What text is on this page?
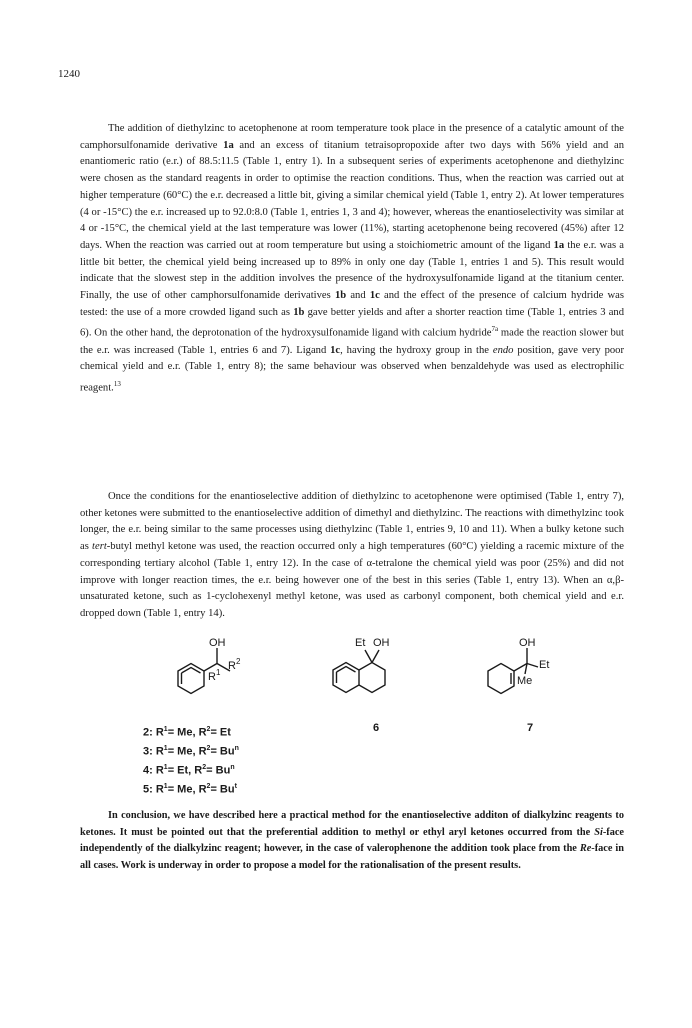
1240

The addition of diethylzinc to acetophenone at room temperature took place in the presence of a catalytic amount of the camphorsulfonamide derivative 1a and an excess of titanium tetraisopropoxide after two days with 56% yield and an enantiomeric ratio (e.r.) of 88.5:11.5 (Table 1, entry 1). In a subsequent series of experiments acetophenone and diethylzinc were chosen as the standard reagents in order to optimise the reaction conditions. Thus, when the reaction was carried out at higher temperature (60°C) the e.r. decreased a little bit, giving a similar chemical yield (Table 1, entry 2). At lower temperatures (4 or -15°C) the e.r. increased up to 92.0:8.0 (Table 1, entries 1, 3 and 4); however, whereas the enantioselectivity was similar at 4 or -15°C, the chemical yield at the last temperature was lower (11%), starting acetophenone being recovered (45%) after 12 days. When the reaction was carried out at room temperature but using a stoichiometric amount of the ligand 1a the e.r. was a little bit better, the chemical yield being increased up to 89% in only one day (Table 1, entries 1 and 5). This result would indicate that the slowest step in the addition involves the presence of the hydroxysulfonamide ligand at the titanium center. Finally, the use of other camphorsulfonamide derivatives 1b and 1c and the effect of the presence of calcium hydride was tested: the use of a more crowded ligand such as 1b gave better yields and after a shorter reaction time (Table 1, entries 3 and 6). On the other hand, the deprotonation of the hydroxysulfonamide ligand with calcium hydride$^{7a}$ made the reaction slower but the e.r. was increased (Table 1, entries 6 and 7). Ligand 1c, having the hydroxy group in the endo position, gave very poor chemical yield and e.r. (Table 1, entry 8); the same behaviour was observed when benzaldehyde was used as electrophilic reagent.$^{13}$

Once the conditions for the enantioselective addition of diethylzinc to acetophenone were optimised (Table 1, entry 7), other ketones were submitted to the enantioselective addition of dimethyl and diethylzinc. The reactions with dimethylzinc took longer, the e.r. being similar to the same processes using diethylzinc (Table 1, entries 9, 10 and 11). When a bulky ketone such as tert-butyl methyl ketone was used, the reaction occurred only a high temperatures (60°C) yielding a racemic mixture of the corresponding tertiary alcohol (Table 1, entry 12). In the case of α-tetralone the chemical yield was poor (25%) and did not improve with longer reaction times, the e.r. being however one of the best in this series (Table 1, entry 13). When an α,β-unsaturated ketone, such as 1-cyclohexenyl methyl ketone, was used as carbonyl component, both chemical yield and e.r. dropped down (Table 1, entry 14).

OH
$R^2$
$R^1$
Et OH	OH
Et
Me
2: $R^1= Me$, $R^2= Et$
3: $R^1= Me$, $R^2= Bu^n$
4: $R^1= Et$, $R^2= Bu^n$
5: $R^1= Me$, $R^2= Bu^t$
6	7

In conclusion, we have described here a practical method for the enantioselective additon of dialkylzinc reagents to ketones. It must be pointed out that the preferential addition to methyl or ethyl aryl ketones occurred from the Si-face independently of the dialkylzinc reagent; however, in the case of valerophenone the addition took place from the Re-face in all cases. Work is underway in order to propose a model for the rationalisation of the present results.
